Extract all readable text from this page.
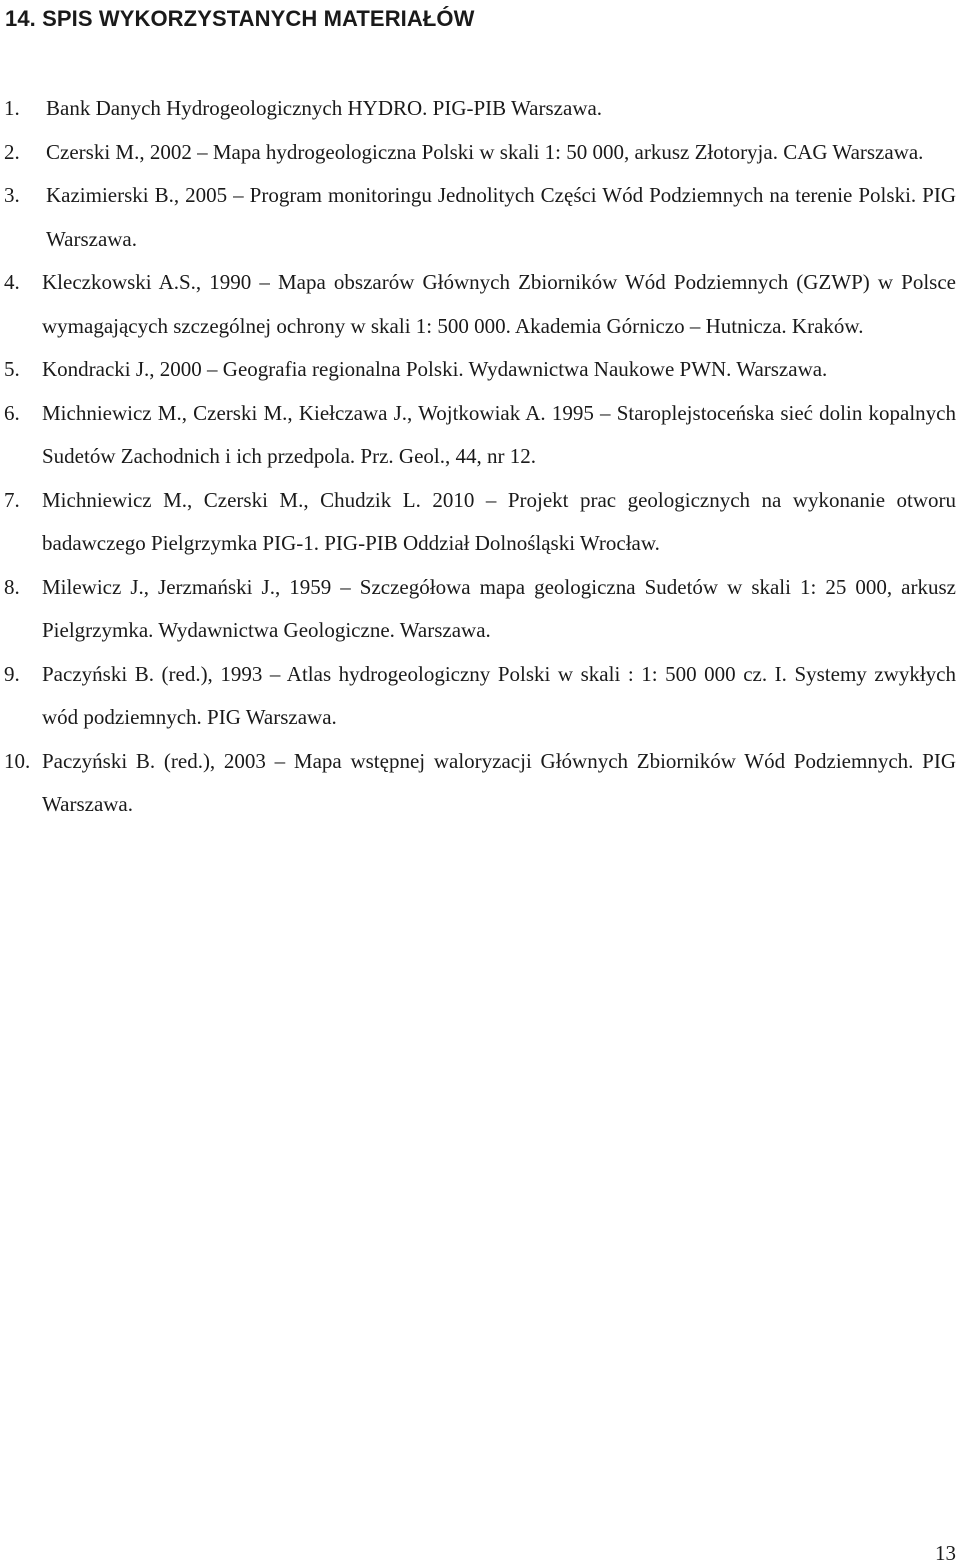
14. SPIS WYKORZYSTANYCH MATERIAŁÓW
1. Bank Danych Hydrogeologicznych HYDRO. PIG-PIB Warszawa.
2. Czerski M., 2002 – Mapa hydrogeologiczna Polski w skali 1: 50 000, arkusz Złotoryja. CAG Warszawa.
3. Kazimierski B., 2005 – Program monitoringu Jednolitych Części Wód Podziemnych na terenie Polski. PIG Warszawa.
4. Kleczkowski A.S., 1990 – Mapa obszarów Głównych Zbiorników Wód Podziemnych (GZWP) w Polsce wymagających szczególnej ochrony w skali 1: 500 000. Akademia Górniczo – Hutnicza. Kraków.
5. Kondracki J., 2000 – Geografia regionalna Polski. Wydawnictwa Naukowe PWN. Warszawa.
6. Michniewicz M., Czerski M., Kiełczawa J., Wojtkowiak A. 1995 – Staroplejstoceńska sieć dolin kopalnych Sudetów Zachodnich i ich przedpola. Prz. Geol., 44, nr 12.
7. Michniewicz M., Czerski M., Chudzik L. 2010 – Projekt prac geologicznych na wykonanie otworu badawczego Pielgrzymka PIG-1. PIG-PIB Oddział Dolnośląski Wrocław.
8. Milewicz J., Jerzmański J., 1959 – Szczegółowa mapa geologiczna Sudetów w skali 1: 25 000, arkusz Pielgrzymka. Wydawnictwa Geologiczne. Warszawa.
9. Paczyński B. (red.), 1993 – Atlas hydrogeologiczny Polski w skali : 1: 500 000 cz. I. Systemy zwykłych wód podziemnych. PIG Warszawa.
10. Paczyński B. (red.), 2003 – Mapa wstępnej waloryzacji Głównych Zbiorników Wód Podziemnych. PIG Warszawa.
13
